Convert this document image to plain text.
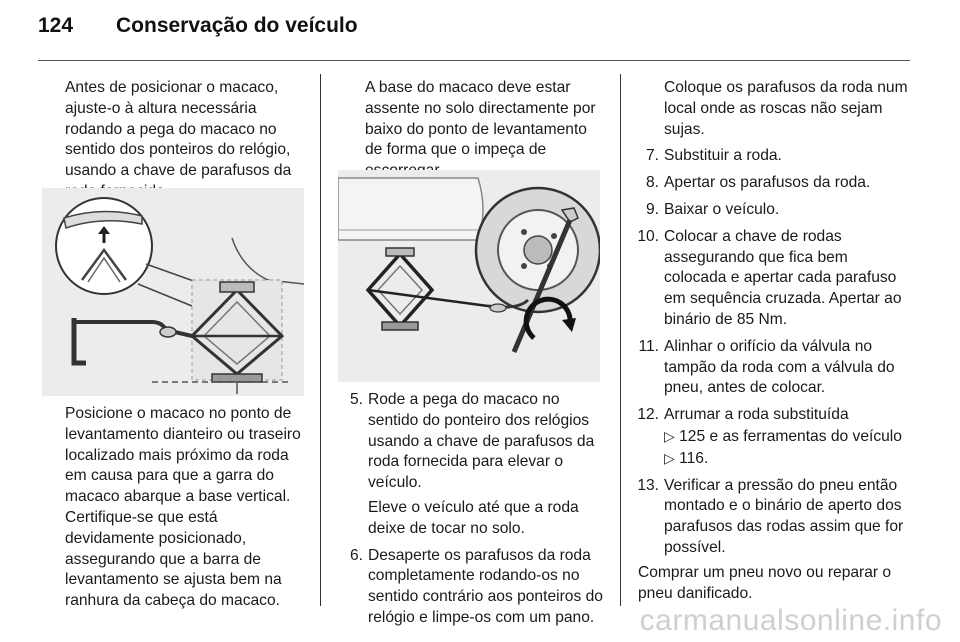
124 Conservação do veículo

Antes de posicionar o macaco, ajuste-o à altura necessária rodando a pega do macaco no sentido dos ponteiros do relógio, usando a chave de parafusos da

Posicione o macaco no ponto de levantamento dianteiro ou traseiro localizado mais próximo da roda em causa para que a garra do macaco abarque a base vertical. Certifique-se que está devidamente posicionado, assegurando que a barra de levantamento se ajusta bem na ranhura da cabeça do macaco.

A base do macaco deve estar assente no solo directamente por baixo do ponto de levantamento de forma que o impeça de

5. Rode a pega do macaco no sentido do ponteiro dos relógios usando a chave de parafusos da roda fornecida para elevar o veículo.

Eleve o veículo até que a roda deixe de tocar no solo.

6. Desaperte os parafusos da roda completamente rodando-os no sentido contrário aos ponteiros do relógio e limpe-os com um pano.

Coloque os parafusos da roda num local onde as roscas não sejam sujas.

7. Substituir a roda.

8. Apertar os parafusos da roda.

9. Baixar o veículo.

10. Colocar a chave de rodas assegurando que fica bem colocada e apertar cada parafuso em sequência cruzada. Apertar ao binário de 85 Nm.

11. Alinhar o orifício da válvula no tampão da roda com a válvula do pneu, antes de colocar.

12. Arrumar a roda substituída
▷ 125 e as ferramentas do veículo ▷ 116.

13. Verificar a pressão do pneu então montado e o binário de aperto dos parafusos das rodas assim que for possível.

Comprar um pneu novo ou reparar o pneu danificado.

carmanualsonline.info
